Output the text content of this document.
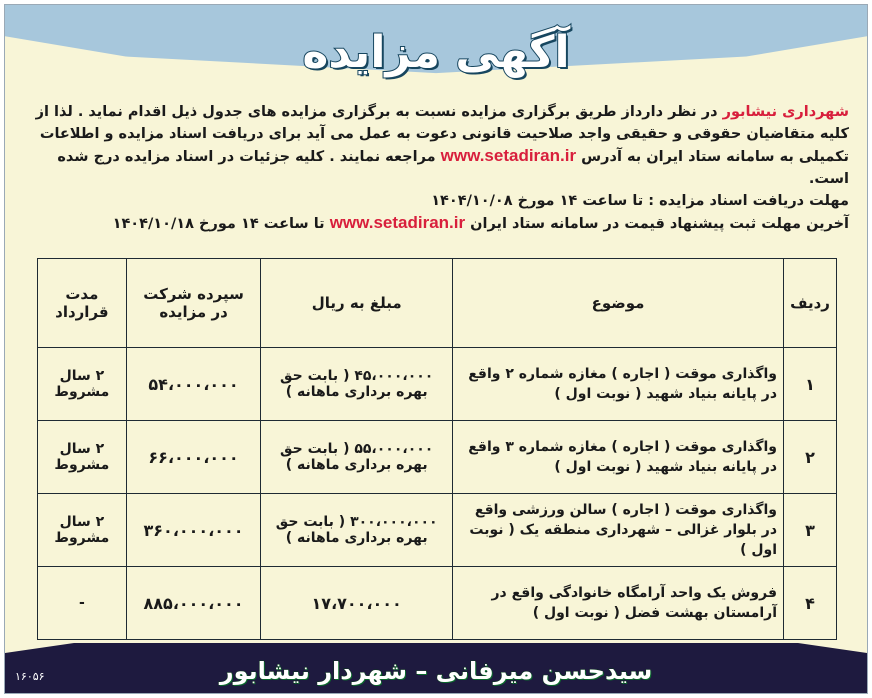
آگهی مزایده
شهرداری نیشابور در نظر دارداز طریق برگزاری مزایده نسبت به برگزاری مزایده های جدول ذیل اقدام نماید . لذا از کلیه متقاضیان حقوقی و حقیقی واجد صلاحیت قانونی دعوت به عمل می آید برای دریافت اسناد مزایده و اطلاعات تکمیلی به سامانه ستاد ایران به آدرس www.setadiran.ir مراجعه نمایند . کلیه جزئیات در اسناد مزایده درج شده است.
مهلت دریافت اسناد مزایده : تا ساعت ۱۴ مورخ ۱۴۰۴/۱۰/۰۸
آخرین مهلت ثبت پیشنهاد قیمت در سامانه ستاد ایران www.setadiran.ir تا ساعت ۱۴ مورخ ۱۴۰۴/۱۰/۱۸
ردیف	موضوع	مبلغ به ریال	سپرده شرکت در مزایده	مدت قرارداد
۱	واگذاری موقت ( اجاره ) مغازه شماره ۲ واقع در پایانه بنیاد شهید ( نوبت اول )	۴۵،۰۰۰،۰۰۰ ( بابت حق بهره برداری ماهانه )	۵۴،۰۰۰،۰۰۰	۲ سال مشروط
۲	واگذاری موقت ( اجاره ) مغازه شماره ۳ واقع در پایانه بنیاد شهید ( نوبت اول )	۵۵،۰۰۰،۰۰۰ ( بابت حق بهره برداری ماهانه )	۶۶،۰۰۰،۰۰۰	۲ سال مشروط
۳	واگذاری موقت ( اجاره ) سالن ورزشی واقع در بلوار غزالی – شهرداری منطقه یک ( نوبت اول )	۳۰۰،۰۰۰،۰۰۰ ( بابت حق بهره برداری ماهانه )	۳۶۰،۰۰۰،۰۰۰	۲ سال مشروط
۴	فروش یک واحد آرامگاه خانوادگی واقع در آرامستان بهشت فضل ( نوبت اول )	۱۷،۷۰۰،۰۰۰	۸۸۵،۰۰۰،۰۰۰	-
سیدحسن میرفانی – شهردار نیشابور
۱۶۰۵۶
